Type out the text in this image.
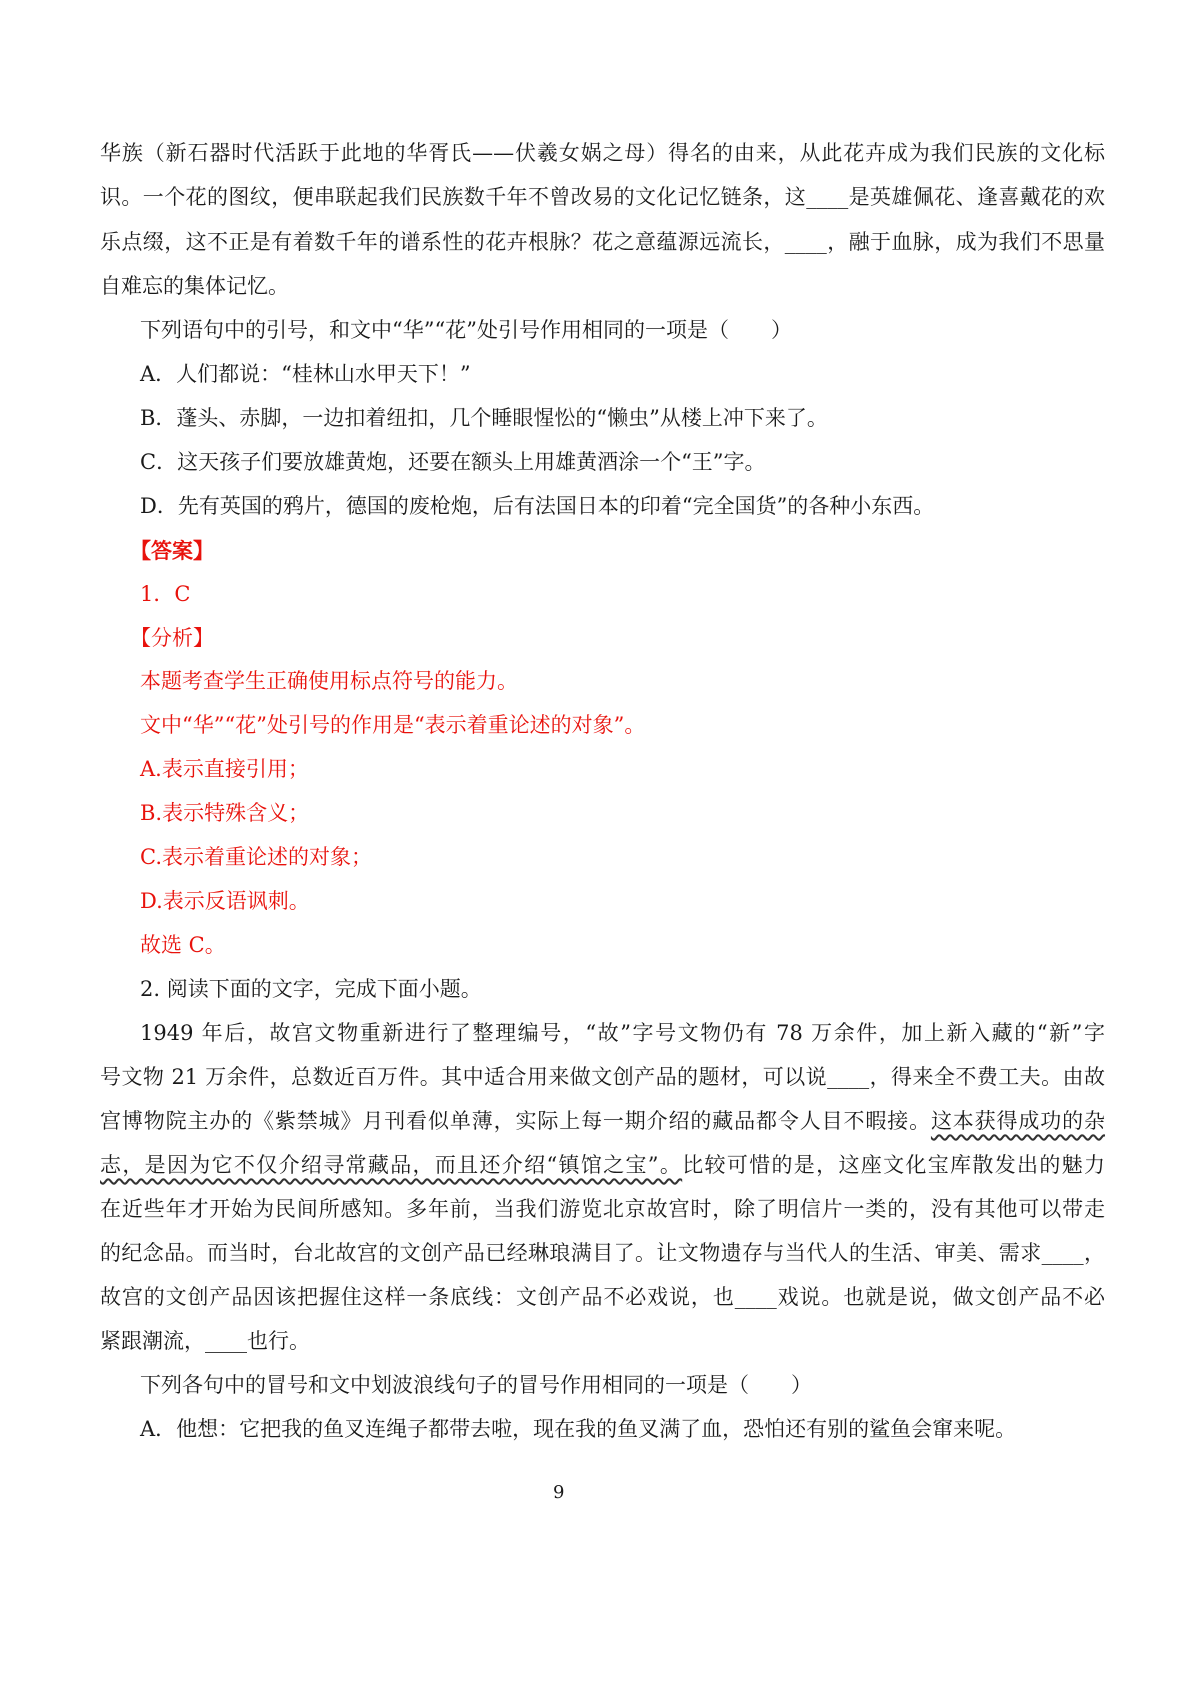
华族（新石器时代活跃于此地的华胥氏——伏羲女娲之母）得名的由来，从此花卉成为我们民族的文化标
识。一个花的图纹，便串联起我们民族数千年不曾改易的文化记忆链条，这____是英雄佩花、逢喜戴花的欢
乐点缀，这不正是有着数千年的谱系性的花卉根脉？花之意蕴源远流长，____，融于血脉，成为我们不思量
自难忘的集体记忆。
下列语句中的引号，和文中“华”“花”处引号作用相同的一项是（　　）
A．人们都说：“桂林山水甲天下！”
B．蓬头、赤脚，一边扣着纽扣，几个睡眼惺忪的“懒虫”从楼上冲下来了。
C．这天孩子们要放雄黄炮，还要在额头上用雄黄酒涂一个“王”字。
D．先有英国的鸦片，德国的废枪炮，后有法国日本的印着“完全国货”的各种小东西。
【答案】
1．C
【分析】
本题考查学生正确使用标点符号的能力。
文中“华”“花”处引号的作用是“表示着重论述的对象”。
A.表示直接引用；
B.表示特殊含义；
C.表示着重论述的对象；
D.表示反语讽刺。
故选 C。
2. 阅读下面的文字，完成下面小题。
1949 年后，故宫文物重新进行了整理编号，“故”字号文物仍有 78 万余件，加上新入藏的“新”字
号文物 21 万余件，总数近百万件。其中适合用来做文创产品的题材，可以说____，得来全不费工夫。由故
宫博物院主办的《紫禁城》月刊看似单薄，实际上每一期介绍的藏品都令人目不暇接。这本获得成功的杂
志，是因为它不仅介绍寻常藏品，而且还介绍“镇馆之宝”。比较可惜的是，这座文化宝库散发出的魅力
在近些年才开始为民间所感知。多年前，当我们游览北京故宫时，除了明信片一类的，没有其他可以带走
的纪念品。而当时，台北故宫的文创产品已经琳琅满目了。让文物遗存与当代人的生活、审美、需求____，
故宫的文创产品因该把握住这样一条底线：文创产品不必戏说，也____戏说。也就是说，做文创产品不必
紧跟潮流，____也行。
下列各句中的冒号和文中划波浪线句子的冒号作用相同的一项是（　　）
A．他想：它把我的鱼叉连绳子都带去啦，现在我的鱼叉满了血，恐怕还有别的鲨鱼会窜来呢。
9
